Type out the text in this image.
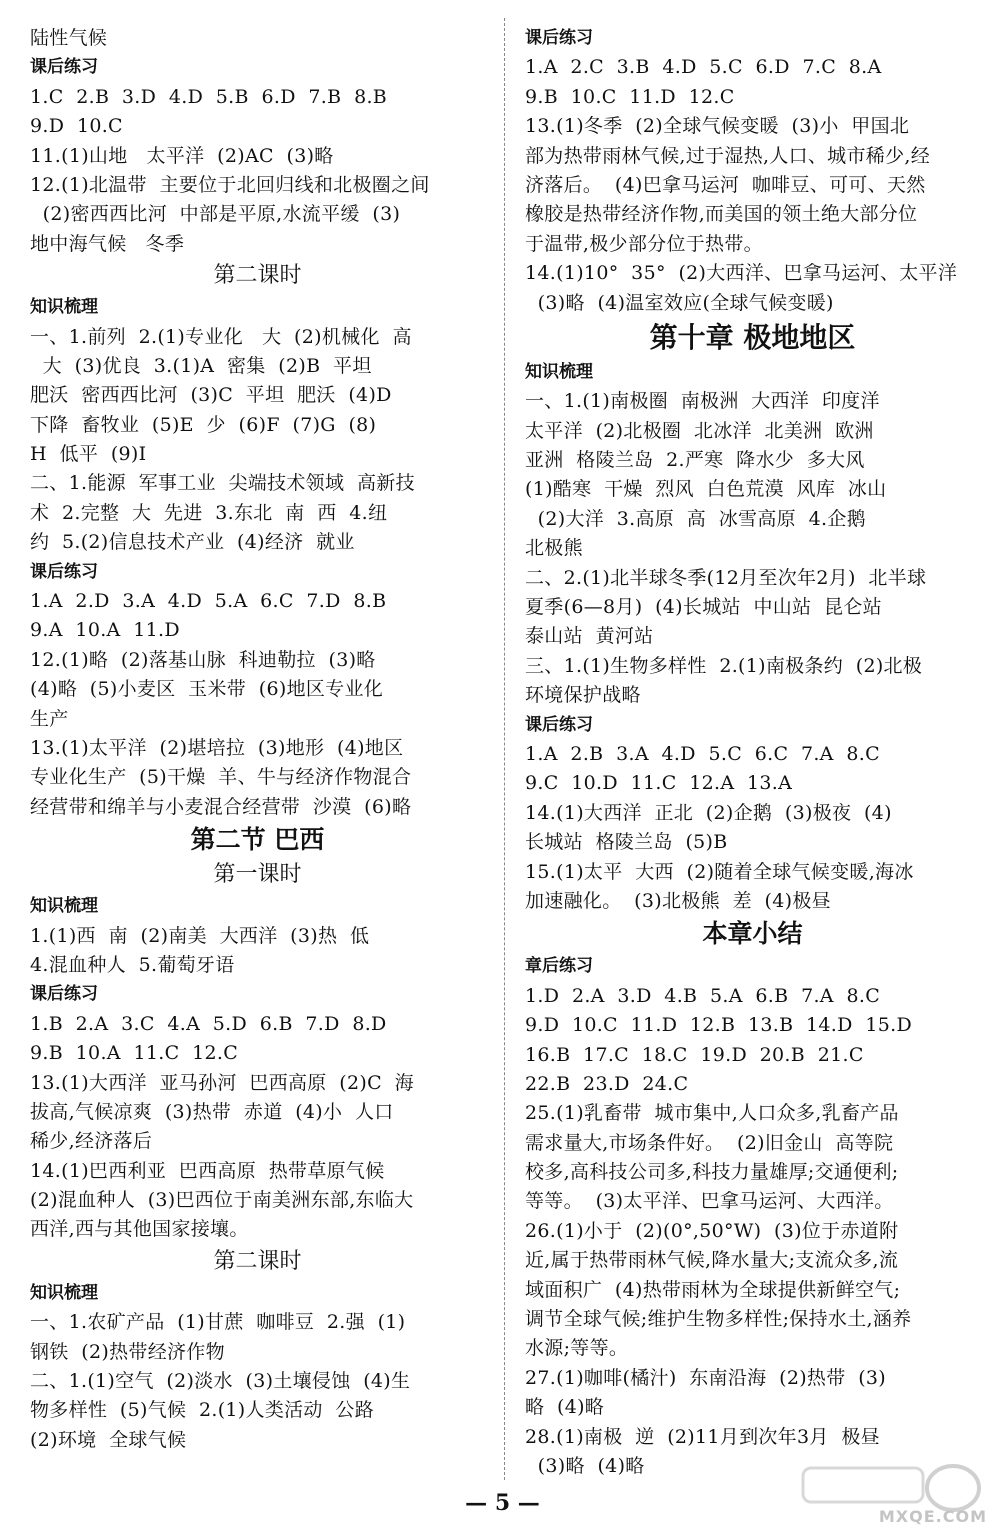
陆性气候
课后练习
1.C  2.B  3.D  4.D  5.B  6.D  7.B  8.B
9.D  10.C
11.(1)山地   太平洋  (2)AC  (3)略
12.(1)北温带  主要位于北回归线和北极圈之间
(2)密西西比河  中部是平原,水流平缓  (3)
地中海气候   冬季
第二课时
知识梳理
一、1.前列  2.(1)专业化   大  (2)机械化  高
大  (3)优良  3.(1)A  密集  (2)B  平坦
肥沃  密西西比河  (3)C  平坦  肥沃  (4)D
下降  畜牧业  (5)E  少  (6)F  (7)G  (8)
H  低平  (9)I
二、1.能源  军事工业  尖端技术领域  高新技
术  2.完整  大  先进  3.东北  南  西  4.纽
约  5.(2)信息技术产业  (4)经济  就业
课后练习
1.A  2.D  3.A  4.D  5.A  6.C  7.D  8.B
9.A  10.A  11.D
12.(1)略  (2)落基山脉  科迪勒拉  (3)略
(4)略  (5)小麦区  玉米带  (6)地区专业化
生产
13.(1)太平洋  (2)堪培拉  (3)地形  (4)地区
专业化生产  (5)干燥  羊、牛与经济作物混合
经营带和绵羊与小麦混合经营带  沙漠  (6)略
第二节 巴西
第一课时
知识梳理
1.(1)西  南  (2)南美  大西洋  (3)热  低
4.混血种人  5.葡萄牙语
课后练习
1.B  2.A  3.C  4.A  5.D  6.B  7.D  8.D
9.B  10.A  11.C  12.C
13.(1)大西洋  亚马孙河  巴西高原  (2)C  海
拔高,气候凉爽  (3)热带  赤道  (4)小  人口
稀少,经济落后
14.(1)巴西利亚  巴西高原  热带草原气候
(2)混血种人  (3)巴西位于南美洲东部,东临大
西洋,西与其他国家接壤。
第二课时
知识梳理
一、1.农矿产品  (1)甘蔗  咖啡豆  2.强  (1)
钢铁  (2)热带经济作物
二、1.(1)空气  (2)淡水  (3)土壤侵蚀  (4)生
物多样性  (5)气候  2.(1)人类活动  公路
(2)环境  全球气候
课后练习
1.A  2.C  3.B  4.D  5.C  6.D  7.C  8.A
9.B  10.C  11.D  12.C
13.(1)冬季  (2)全球气候变暖  (3)小  甲国北
部为热带雨林气候,过于湿热,人口、城市稀少,经
济落后。  (4)巴拿马运河  咖啡豆、可可、天然
橡胶是热带经济作物,而美国的领土绝大部分位
于温带,极少部分位于热带。
14.(1)10°  35°  (2)大西洋、巴拿马运河、太平洋
(3)略  (4)温室效应(全球气候变暖)
第十章 极地地区
知识梳理
一、1.(1)南极圈  南极洲  大西洋  印度洋
太平洋  (2)北极圈  北冰洋  北美洲  欧洲
亚洲  格陵兰岛  2.严寒  降水少  多大风
(1)酷寒  干燥  烈风  白色荒漠  风库  冰山
(2)大洋  3.高原  高  冰雪高原  4.企鹅
北极熊
二、2.(1)北半球冬季(12月至次年2月)  北半球
夏季(6—8月)  (4)长城站  中山站  昆仑站
泰山站  黄河站
三、1.(1)生物多样性  2.(1)南极条约  (2)北极
环境保护战略
课后练习
1.A  2.B  3.A  4.D  5.C  6.C  7.A  8.C
9.C  10.D  11.C  12.A  13.A
14.(1)大西洋  正北  (2)企鹅  (3)极夜  (4)
长城站  格陵兰岛  (5)B
15.(1)太平  大西  (2)随着全球气候变暖,海冰
加速融化。  (3)北极熊  差  (4)极昼
本章小结
章后练习
1.D  2.A  3.D  4.B  5.A  6.B  7.A  8.C
9.D  10.C  11.D  12.B  13.B  14.D  15.D
16.B  17.C  18.C  19.D  20.B  21.C
22.B  23.D  24.C
25.(1)乳畜带  城市集中,人口众多,乳畜产品
需求量大,市场条件好。  (2)旧金山  高等院
校多,高科技公司多,科技力量雄厚;交通便利;
等等。  (3)太平洋、巴拿马运河、大西洋。
26.(1)小于  (2)(0°,50°W)  (3)位于赤道附
近,属于热带雨林气候,降水量大;支流众多,流
域面积广  (4)热带雨林为全球提供新鲜空气;
调节全球气候;维护生物多样性;保持水土,涵养
水源;等等。
27.(1)咖啡(橘汁)  东南沿海  (2)热带  (3)
略  (4)略
28.(1)南极  逆  (2)11月到次年3月  极昼
(3)略  (4)略
— 5 —
MXQE.COM
